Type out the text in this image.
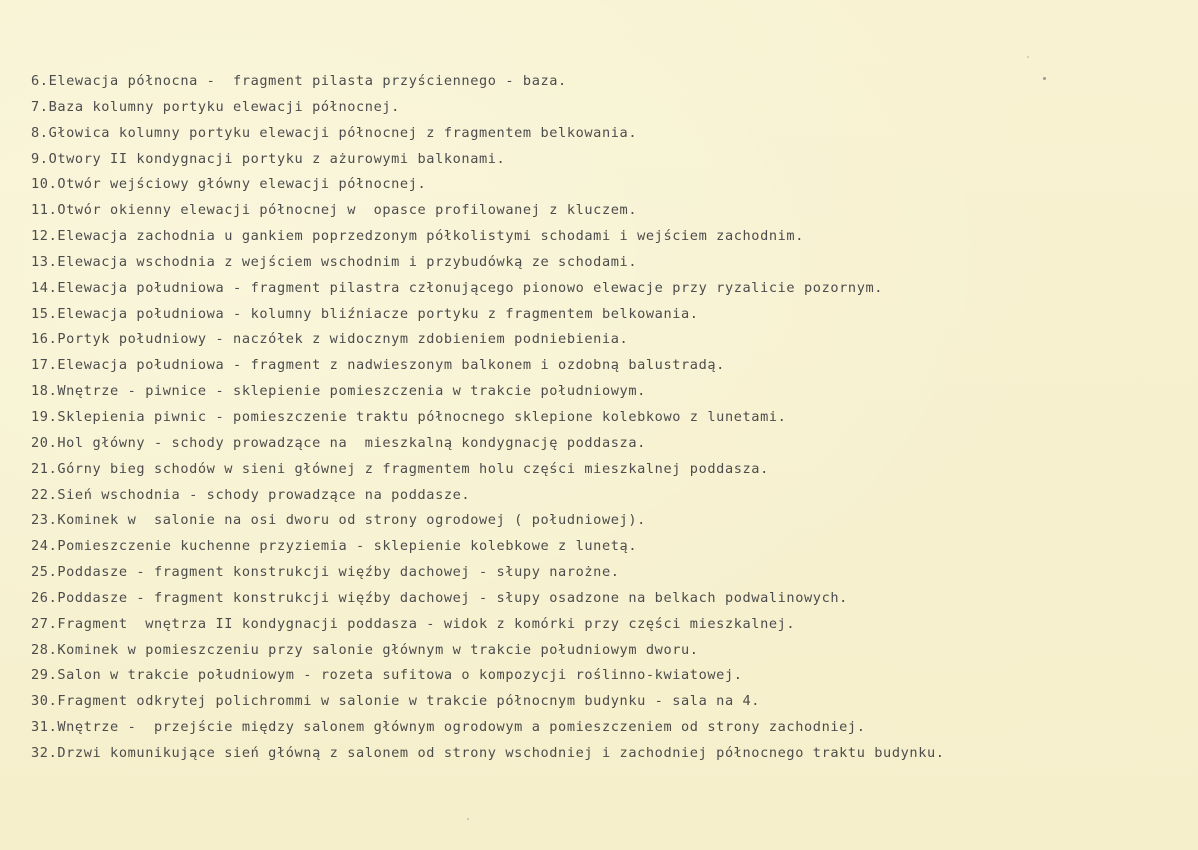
6.Elewacja północna -  fragment pilasta przyściennego - baza.
7.Baza kolumny portyku elewacji północnej.
8.Głowica kolumny portyku elewacji północnej z fragmentem belkowania.
9.Otwory II kondygnacji portyku z ażurowymi balkonami.
10.Otwór wejściowy główny elewacji północnej.
11.Otwór okienny elewacji północnej w  opasce profilowanej z kluczem.
12.Elewacja zachodnia u gankiem poprzedzonym półkolistymi schodami i wejściem zachodnim.
13.Elewacja wschodnia z wejściem wschodnim i przybudówką ze schodami.
14.Elewacja południowa - fragment pilastra członującego pionowo elewacje przy ryzalicie pozornym.
15.Elewacja południowa - kolumny bliźniacze portyku z fragmentem belkowania.
16.Portyk południowy - naczółek z widocznym zdobieniem podniebienia.
17.Elewacja południowa - fragment z nadwieszonym balkonem i ozdobną balustradą.
18.Wnętrze - piwnice - sklepienie pomieszczenia w trakcie południowym.
19.Sklepienia piwnic - pomieszczenie traktu północnego sklepione kolebkowo z lunetami.
20.Hol główny - schody prowadzące na  mieszkalną kondygnację poddasza.
21.Górny bieg schodów w sieni głównej z fragmentem holu części mieszkalnej poddasza.
22.Sień wschodnia - schody prowadzące na poddasze.
23.Kominek w  salonie na osi dworu od strony ogrodowej ( południowej).
24.Pomieszczenie kuchenne przyziemia - sklepienie kolebkowe z lunetą.
25.Poddasze - fragment konstrukcji więźby dachowej - słupy narożne.
26.Poddasze - fragment konstrukcji więźby dachowej - słupy osadzone na belkach podwalinowych.
27.Fragment  wnętrza II kondygnacji poddasza - widok z komórki przy części mieszkalnej.
28.Kominek w pomieszczeniu przy salonie głównym w trakcie południowym dworu.
29.Salon w trakcie południowym - rozeta sufitowa o kompozycji roślinno-kwiatowej.
30.Fragment odkrytej polichrommi w salonie w trakcie północnym budynku - sala na 4.
31.Wnętrze -  przejście między salonem głównym ogrodowym a pomieszczeniem od strony zachodniej.
32.Drzwi komunikujące sień główną z salonem od strony wschodniej i zachodniej północnego traktu budynku.
